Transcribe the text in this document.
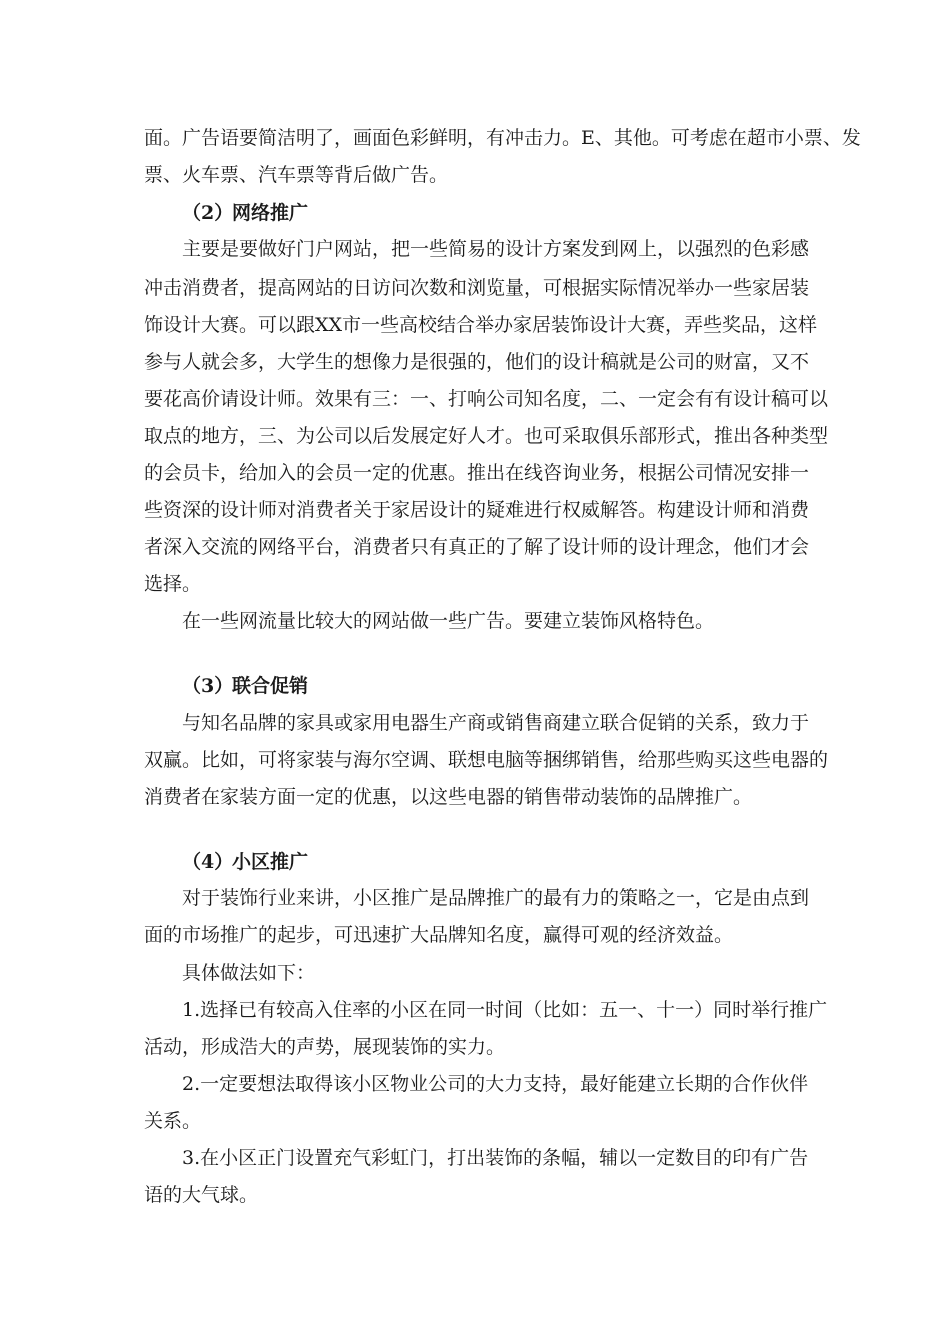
面。广告语要简洁明了，画面色彩鲜明，有冲击力。E、其他。可考虑在超市小票、发
票、火车票、汽车票等背后做广告。
（2）网络推广
主要是要做好门户网站，把一些简易的设计方案发到网上，以强烈的色彩感
冲击消费者，提高网站的日访问次数和浏览量，可根据实际情况举办一些家居装
饰设计大赛。可以跟XX市一些高校结合举办家居装饰设计大赛，弄些奖品，这样
参与人就会多，大学生的想像力是很强的，他们的设计稿就是公司的财富，又不
要花高价请设计师。效果有三：一、打响公司知名度，二、一定会有有设计稿可以
取点的地方，三、为公司以后发展定好人才。也可采取俱乐部形式，推出各种类型
的会员卡，给加入的会员一定的优惠。推出在线咨询业务，根据公司情况安排一
些资深的设计师对消费者关于家居设计的疑难进行权威解答。构建设计师和消费
者深入交流的网络平台，消费者只有真正的了解了设计师的设计理念，他们才会
选择。
在一些网流量比较大的网站做一些广告。要建立装饰风格特色。
（3）联合促销
与知名品牌的家具或家用电器生产商或销售商建立联合促销的关系，致力于
双赢。比如，可将家装与海尔空调、联想电脑等捆绑销售，给那些购买这些电器的
消费者在家装方面一定的优惠，以这些电器的销售带动装饰的品牌推广。
（4）小区推广
对于装饰行业来讲，小区推广是品牌推广的最有力的策略之一，它是由点到
面的市场推广的起步，可迅速扩大品牌知名度，赢得可观的经济效益。
具体做法如下：
1.选择已有较高入住率的小区在同一时间（比如：五一、十一）同时举行推广
活动，形成浩大的声势，展现装饰的实力。
2.一定要想法取得该小区物业公司的大力支持，最好能建立长期的合作伙伴
关系。
3.在小区正门设置充气彩虹门，打出装饰的条幅，辅以一定数目的印有广告
语的大气球。
